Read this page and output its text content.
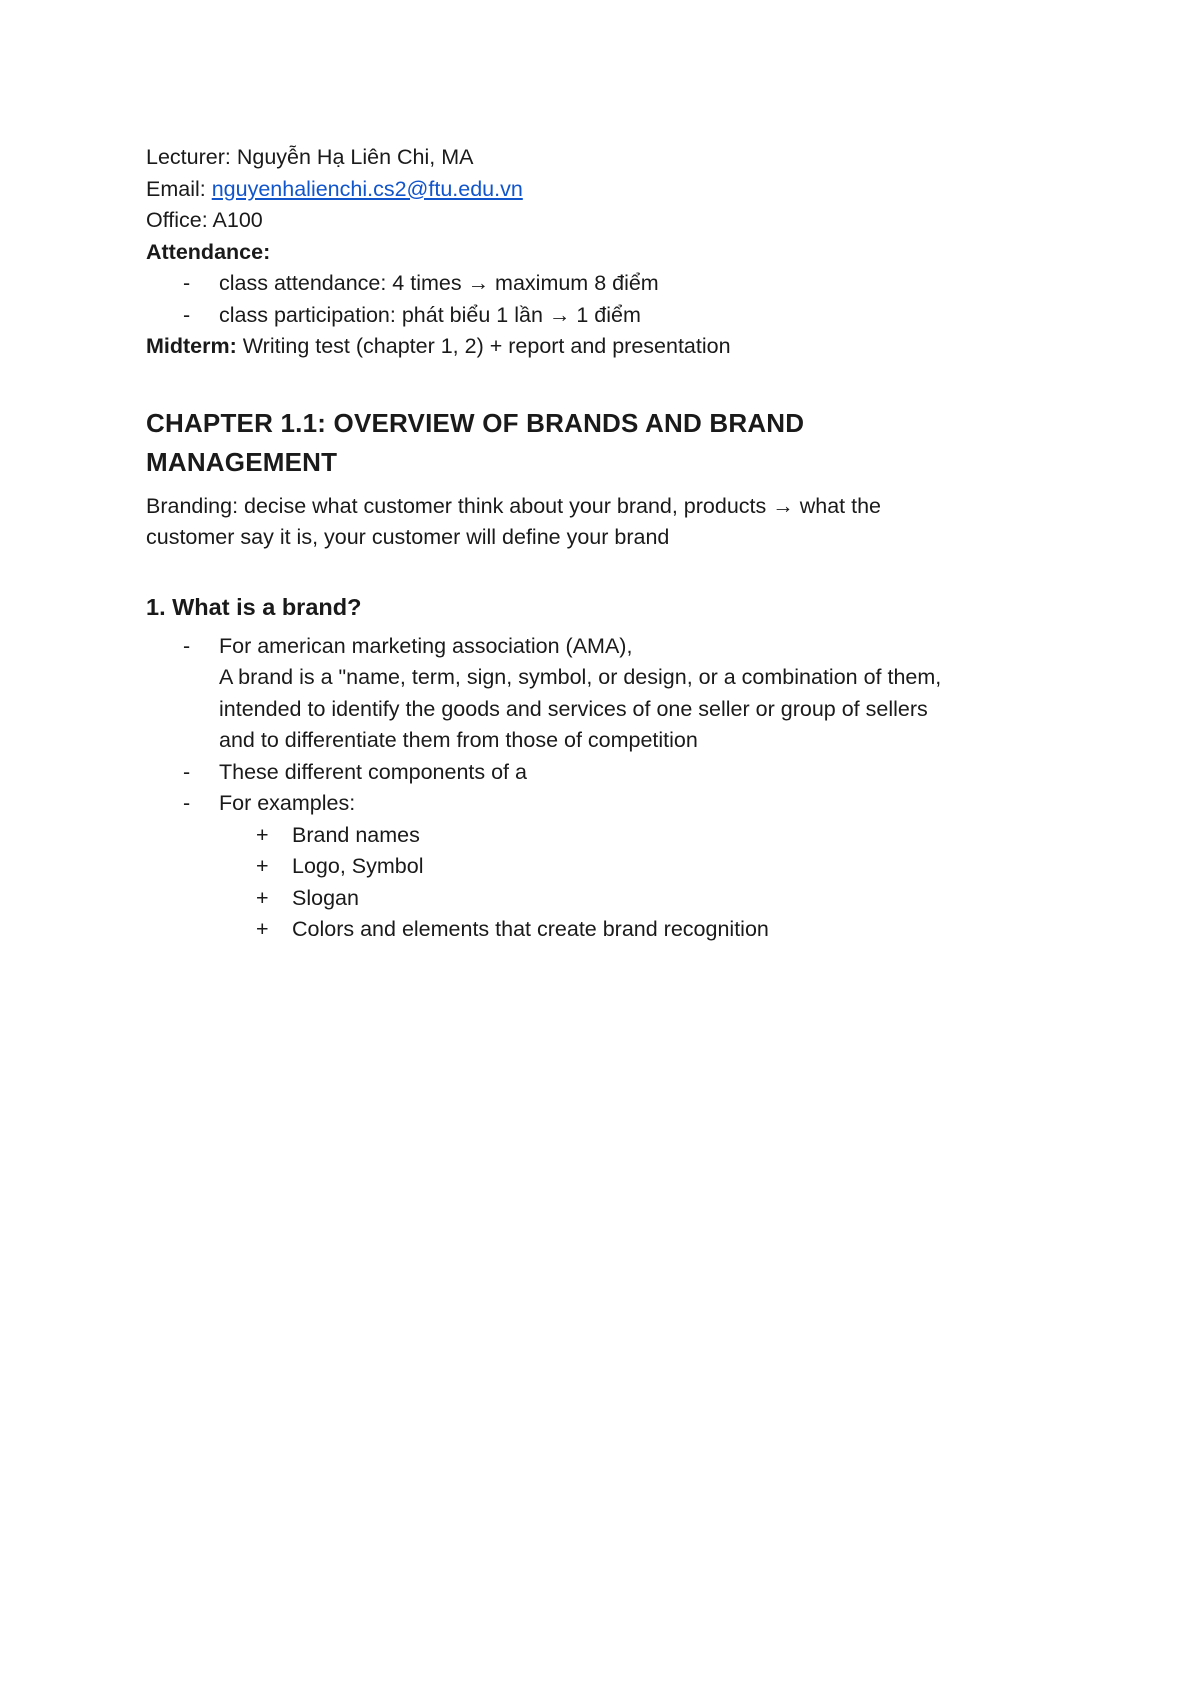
Lecturer: Nguyễn Hạ Liên Chi, MA
Email: nguyenhalienchi.cs2@ftu.edu.vn
Office: A100
Attendance:
- class attendance: 4 times → maximum 8 điểm
- class participation: phát biểu 1 lần → 1 điểm
Midterm: Writing test (chapter 1, 2) + report and presentation
CHAPTER 1.1: OVERVIEW OF BRANDS AND BRAND
MANAGEMENT
Branding: decise what customer think about your brand, products → what the
customer say it is, your customer will define your brand
1. What is a brand?
- For american marketing association (AMA),
A brand is a "name, term, sign, symbol, or design, or a combination of them,
intended to identify the goods and services of one seller or group of sellers
and to differentiate them from those of competition
- These different components of a
- For examples:
+ Brand names
+ Logo, Symbol
+ Slogan
+ Colors and elements that create brand recognition
